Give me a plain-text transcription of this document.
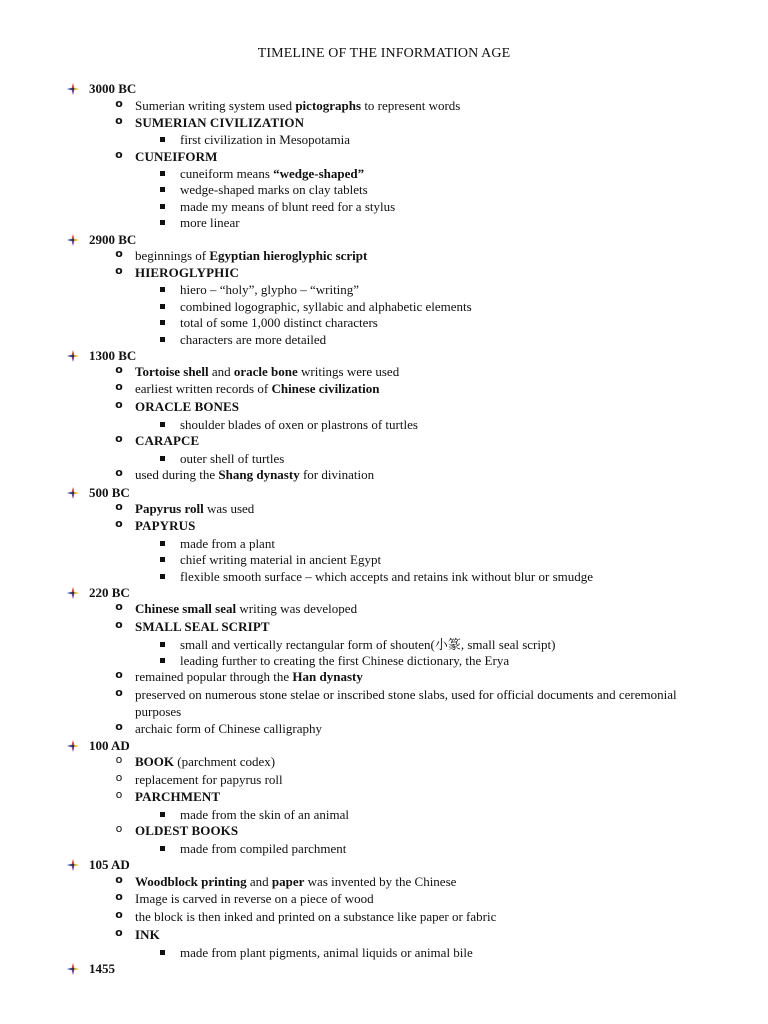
TIMELINE OF THE INFORMATION AGE
3000 BC
o Sumerian writing system used pictographs to represent words
o SUMERIAN CIVILIZATION
first civilization in Mesopotamia
o CUNEIFORM
cuneiform means “wedge-shaped”
wedge-shaped marks on clay tablets
made my means of blunt reed for a stylus
more linear
2900 BC
o beginnings of Egyptian hieroglyphic script
o HIEROGLYPHIC
hiero – “holy”, glypho – “writing”
combined logographic, syllabic and alphabetic elements
total of some 1,000 distinct characters
characters are more detailed
1300 BC
o Tortoise shell and oracle bone writings were used
o earliest written records of Chinese civilization
o ORACLE BONES
shoulder blades of oxen or plastrons of turtles
o CARAPCE
outer shell of turtles
o used during the Shang dynasty for divination
500 BC
o Papyrus roll was used
o PAPYRUS
made from a plant
chief writing material in ancient Egypt
flexible smooth surface – which accepts and retains ink without blur or smudge
220 BC
o Chinese small seal writing was developed
o SMALL SEAL SCRIPT
small and vertically rectangular form of shouten(小篆, small seal script)
leading further to creating the first Chinese dictionary, the Erya
o remained popular through the Han dynasty
o preserved on numerous stone stelae or inscribed stone slabs, used for official documents and ceremonial
purposes
o archaic form of Chinese calligraphy
100 AD
o BOOK (parchment codex)
o replacement for papyrus roll
o PARCHMENT
made from the skin of an animal
o OLDEST BOOKS
made from compiled parchment
105 AD
o Woodblock printing and paper was invented by the Chinese
o Image is carved in reverse on a piece of wood
o the block is then inked and printed on a substance like paper or fabric
o INK
made from plant pigments, animal liquids or animal bile
1455
